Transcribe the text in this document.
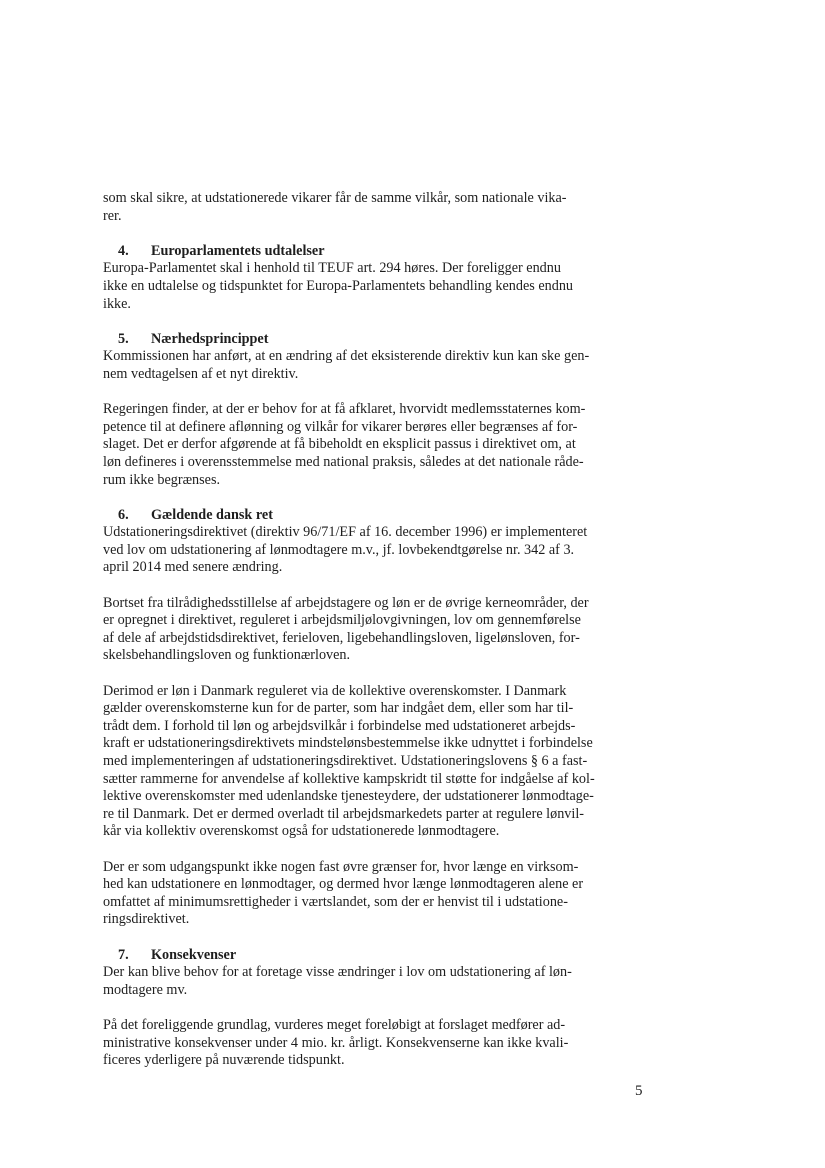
som skal sikre, at udstationerede vikarer får de samme vilkår, som nationale vika-
rer.
4. Europarlamentets udtalelser
Europa-Parlamentet skal i henhold til TEUF art. 294 høres. Der foreligger endnu
ikke en udtalelse og tidspunktet for Europa-Parlamentets behandling kendes endnu
ikke.
5. Nærhedsprincippet
Kommissionen har anført, at en ændring af det eksisterende direktiv kun kan ske gen-
nem vedtagelsen af et nyt direktiv.
Regeringen finder, at der er behov for at få afklaret, hvorvidt medlemsstaternes kom-
petence til at definere aflønning og vilkår for vikarer berøres eller begrænses af for-
slaget. Det er derfor afgørende at få bibeholdt en eksplicit passus i direktivet om, at
løn defineres i overensstemmelse med national praksis, således at det nationale råde-
rum ikke begrænses.
6. Gældende dansk ret
Udstationeringsdirektivet (direktiv 96/71/EF af 16. december 1996) er implementeret
ved lov om udstationering af lønmodtagere m.v., jf. lovbekendtgørelse nr. 342 af 3.
april 2014 med senere ændring.
Bortset fra tilrådighedsstillelse af arbejdstagere og løn er de øvrige kerneområder, der
er opregnet i direktivet, reguleret i arbejdsmiljølovgivningen, lov om gennemførelse
af dele af arbejdstidsdirektivet, ferieloven, ligebehandlingsloven, ligelønsloven, for-
skelsbehandlingsloven og funktionærloven.
Derimod er løn i Danmark reguleret via de kollektive overenskomster. I Danmark
gælder overenskomsterne kun for de parter, som har indgået dem, eller som har til-
trådt dem. I forhold til løn og arbejdsvilkår i forbindelse med udstationeret arbejds-
kraft er udstationeringsdirektivets mindstelønsbestemmelse ikke udnyttet i forbindelse
med implementeringen af udstationeringsdirektivet. Udstationeringslovens § 6 a fast-
sætter rammerne for anvendelse af kollektive kampskridt til støtte for indgåelse af kol-
lektive overenskomster med udenlandske tjenesteydere, der udstationerer lønmodtage-
re til Danmark. Det er dermed overladt til arbejdsmarkedets parter at regulere lønvil-
kår via kollektiv overenskomst også for udstationerede lønmodtagere.
Der er som udgangspunkt ikke nogen fast øvre grænser for, hvor længe en virksom-
hed kan udstationere en lønmodtager, og dermed hvor længe lønmodtageren alene er
omfattet af minimumsrettigheder i værtslandet, som der er henvist til i udstatione-
ringsdirektivet.
7. Konsekvenser
Der kan blive behov for at foretage visse ændringer i lov om udstationering af løn-
modtagere mv.
På det foreliggende grundlag, vurderes meget foreløbigt at forslaget medfører ad-
ministrative konsekvenser under 4 mio. kr. årligt. Konsekvenserne kan ikke kvali-
ficeres yderligere på nuværende tidspunkt.
5
